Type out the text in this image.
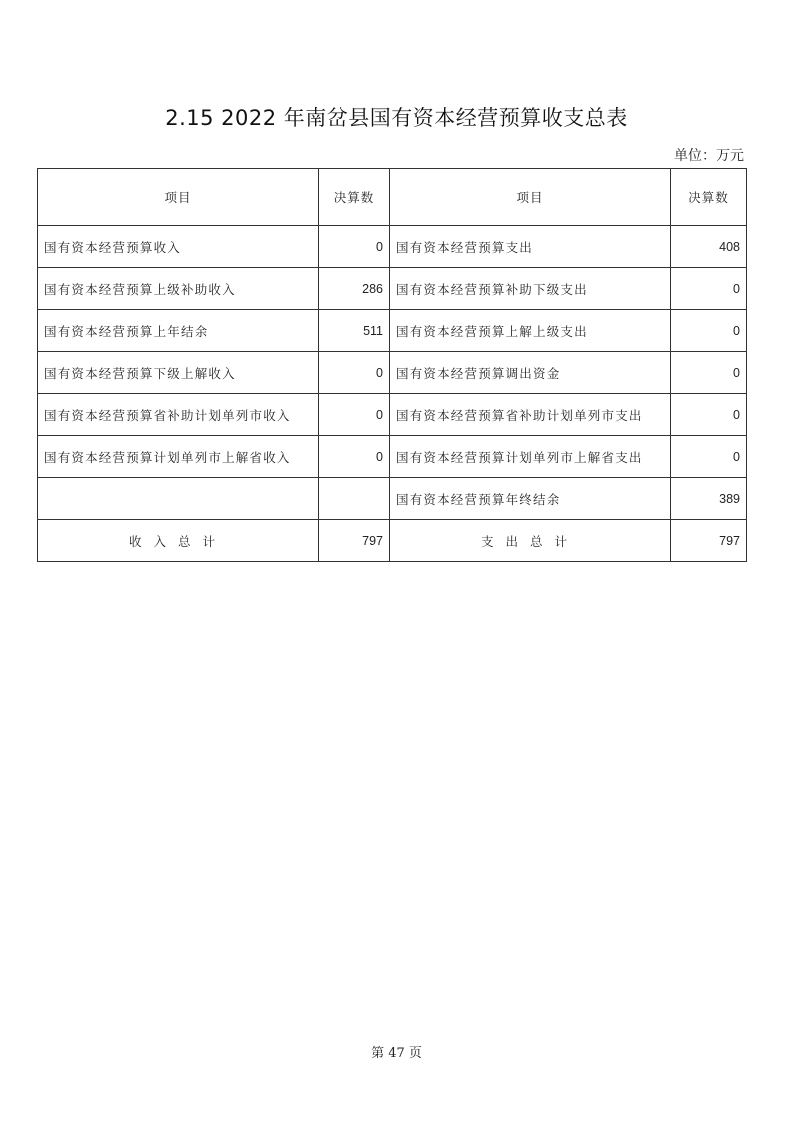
2.15 2022 年南岔县国有资本经营预算收支总表
单位：万元
项目	决算数	项目	决算数
国有资本经营预算收入	0	国有资本经营预算支出	408
国有资本经营预算上级补助收入	286	国有资本经营预算补助下级支出	0
国有资本经营预算上年结余	511	国有资本经营预算上解上级支出	0
国有资本经营预算下级上解收入	0	国有资本经营预算调出资金	0
国有资本经营预算省补助计划单列市收入	0	国有资本经营预算省补助计划单列市支出	0
国有资本经营预算计划单列市上解省收入	0	国有资本经营预算计划单列市上解省支出	0
		国有资本经营预算年终结余	389
收入总计	797	支出总计	797
第 47 页
